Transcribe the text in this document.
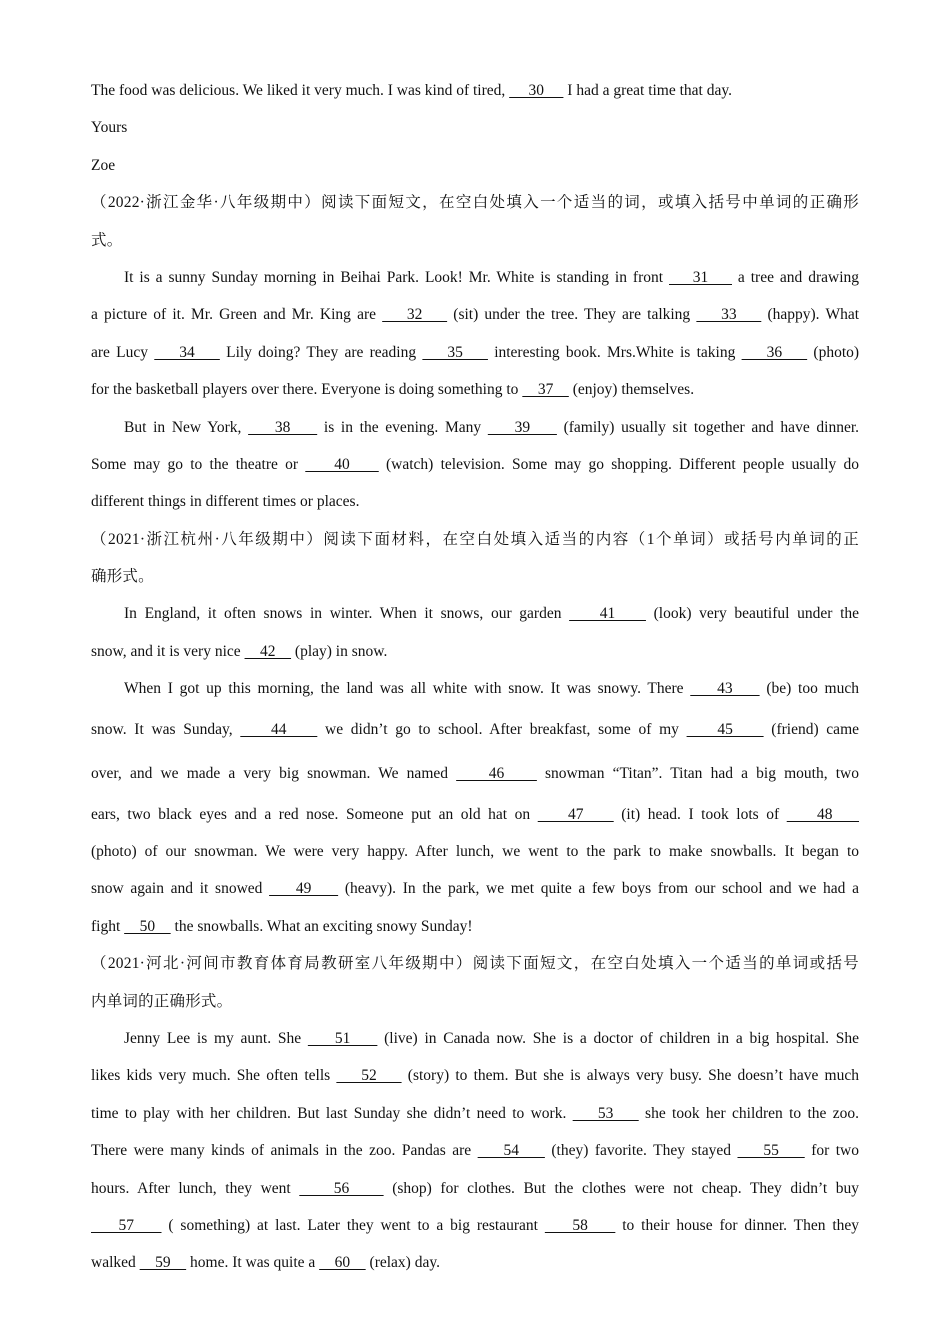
The food was delicious. We liked it very much. I was kind of tired,      30      I had a great time that day.
Yours
Zoe
（2022·浙江金华·八年级期中）阅读下面短文，在空白处填入一个适当的词，或填入括号中单词的正确形
式。
It is a sunny Sunday morning in Beihai Park. Look! Mr. White is standing in front     31     a tree and drawing
a picture of it. Mr. Green and Mr. King are     32     (sit) under the tree. They are talking     33     (happy). What
are Lucy     34     Lily doing? They are reading     35     interesting book. Mrs.White is taking     36     (photo)
for the basketball players over there. Everyone is doing something to     37     (enjoy) themselves.
But in New York,     38     is in the evening. Many     39     (family) usually sit together and have dinner.
Some may go to the theatre or     40     (watch) television. Some may go shopping. Different people usually do
different things in different times or places.
（2021·浙江杭州·八年级期中）阅读下面材料，在空白处填入适当的内容（1个单词）或括号内单词的正
确形式。
In England, it often snows in winter. When it snows, our garden     41     (look) very beautiful under the
snow, and it is very nice     42     (play) in snow.
When I got up this morning, the land was all white with snow. It was snowy. There     43     (be) too much
snow. It was Sunday,     44     we didn’t go to school. After breakfast, some of my     45     (friend) came
over, and we made a very big snowman. We named     46     snowman “Titan”. Titan had a big mouth, two
ears, two black eyes and a red nose. Someone put an old hat on     47     (it) head. I took lots of     48
(photo) of our snowman. We were very happy. After lunch, we went to the park to make snowballs. It began to
snow again and it snowed     49     (heavy). In the park, we met quite a few boys from our school and we had a
fight     50     the snowballs. What an exciting snowy Sunday!
（2021·河北·河间市教育体育局教研室八年级期中）阅读下面短文，在空白处填入一个适当的单词或括号
内单词的正确形式。
Jenny Lee is my aunt. She     51     (live) in Canada now. She is a doctor of children in a big hospital. She
likes kids very much. She often tells     52     (story) to them. But she is always very busy. She doesn’t have much
time to play with her children. But last Sunday she didn’t need to work.     53     she took her children to the zoo.
There were many kinds of animals in the zoo. Pandas are     54     (they) favorite. They stayed     55     for two
hours. After lunch, they went     56     (shop) for clothes. But the clothes were not cheap. They didn’t buy
57     ( something) at last. Later they went to a big restaurant     58     to their house for dinner. Then they
walked     59     home. It was quite a     60     (relax) day.
